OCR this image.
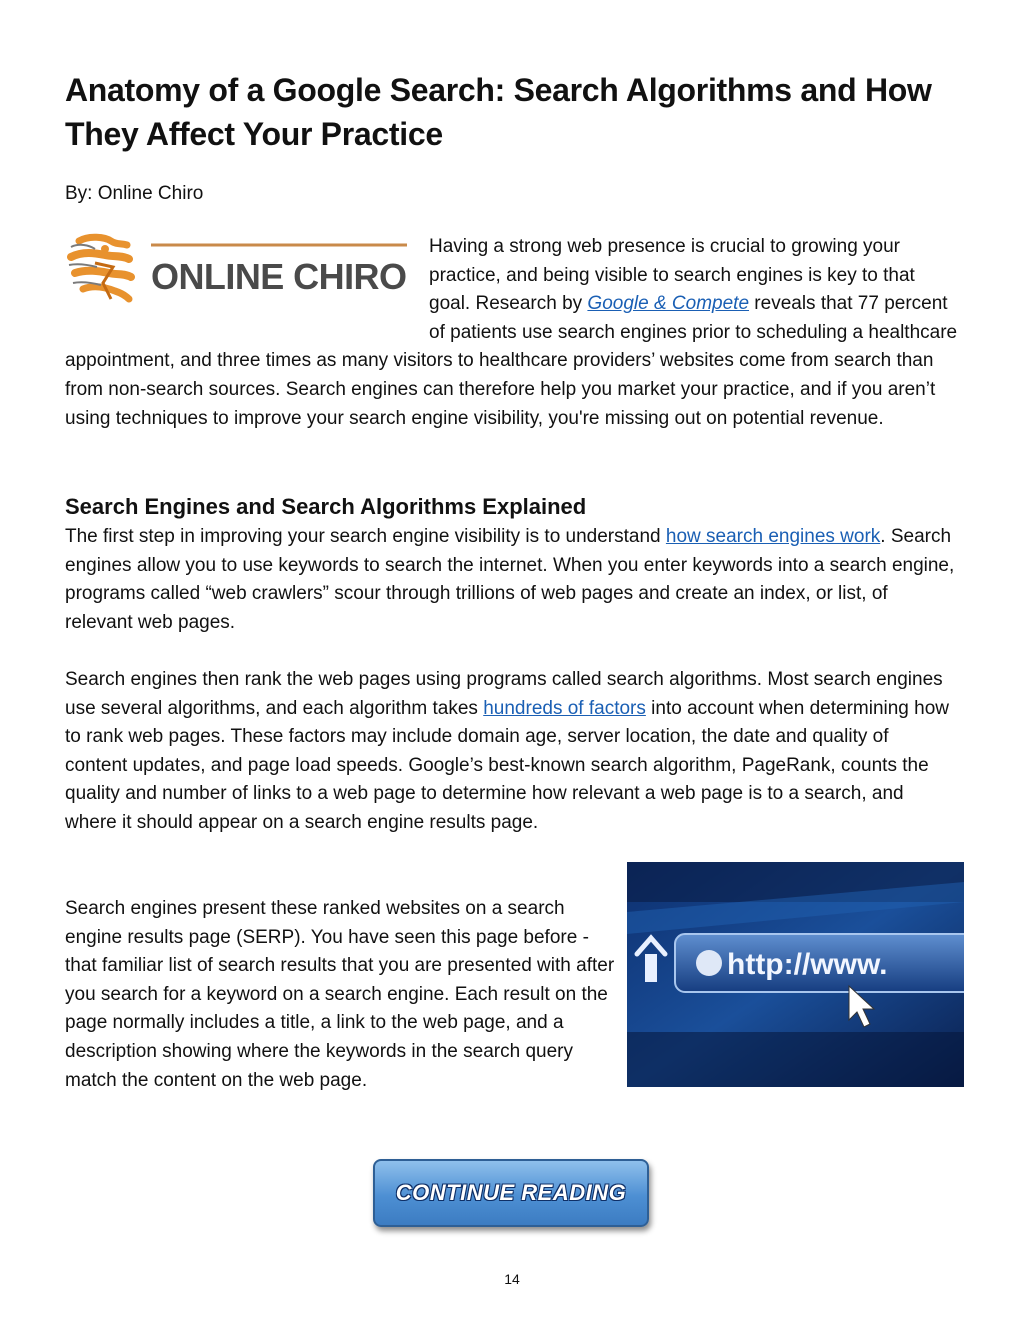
Anatomy of a Google Search: Search Algorithms and How They Affect Your Practice

By: Online Chiro

Having a strong web presence is crucial to growing your practice, and being visible to search engines is key to that goal. Research by Google & Compete reveals that 77 percent of patients use search engines prior to scheduling a healthcare appointment, and three times as many visitors to healthcare providers’ websites come from search than from non-search sources. Search engines can therefore help you market your practice, and if you aren’t using techniques to improve your search engine visibility, you're missing out on potential revenue.

ONLINE CHIRO
Search Engines and Search Algorithms Explained

The first step in improving your search engine visibility is to understand how search engines work. Search engines allow you to use keywords to search the internet. When you enter keywords into a search engine, programs called “web crawlers” scour through trillions of web pages and create an index, or list, of relevant web pages.

Search engines then rank the web pages using programs called search algorithms. Most search engines use several algorithms, and each algorithm takes hundreds of factors into account when determining how to rank web pages. These factors may include domain age, server location, the date and quality of content updates, and page load speeds. Google’s best-known search algorithm, PageRank, counts the quality and number of links to a web page to determine how relevant a web page is to a search, and where it should appear on a search engine results page.

Search engines present these ranked websites on a search engine results page (SERP). You have seen this page before - that familiar list of search results that you are presented with after you search for a keyword on a search engine. Each result on the page normally includes a title, a link to the web page, and a description showing where the keywords in the search query match the content on the web page.

http://www.
CONTINUE READING
14
